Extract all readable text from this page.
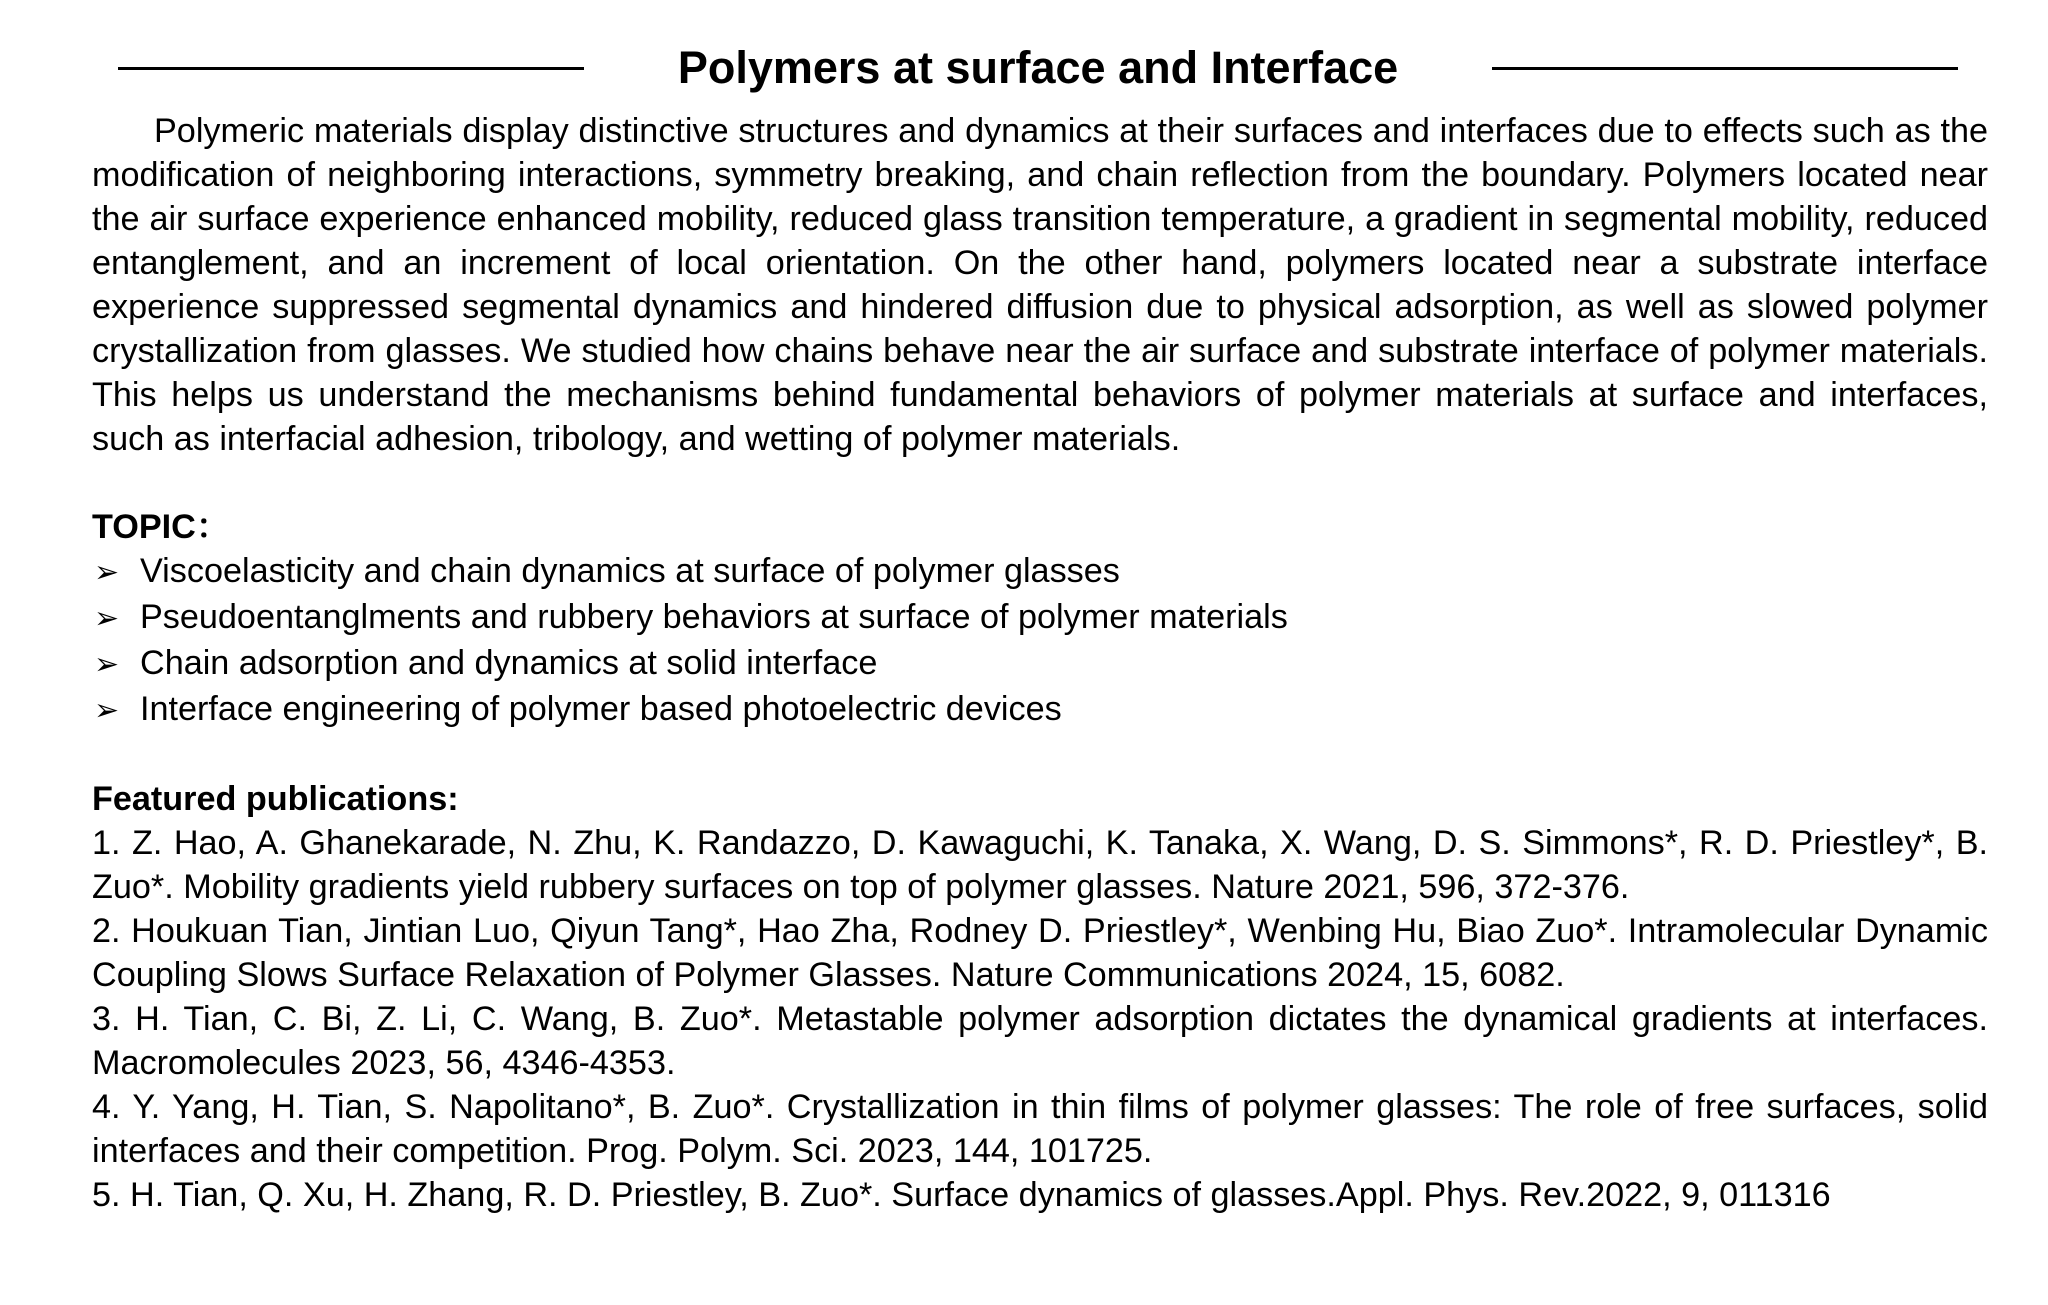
Polymers at surface and Interface

Polymeric materials display distinctive structures and dynamics at their surfaces and interfaces due to effects such as the modification of neighboring interactions, symmetry breaking, and chain reflection from the boundary. Polymers located near the air surface experience enhanced mobility, reduced glass transition temperature, a gradient in segmental mobility, reduced entanglement, and an increment of local orientation. On the other hand, polymers located near a substrate interface experience suppressed segmental dynamics and hindered diffusion due to physical adsorption, as well as slowed polymer crystallization from glasses. We studied how chains behave near the air surface and substrate interface of polymer materials. This helps us understand the mechanisms behind fundamental behaviors of polymer materials at surface and interfaces, such as interfacial adhesion, tribology, and wetting of polymer materials.

TOPIC：
➢ Viscoelasticity and chain dynamics at surface of polymer glasses
➢ Pseudoentanglments and rubbery behaviors at surface of polymer materials
➢ Chain adsorption and dynamics at solid interface
➢ Interface engineering of polymer based photoelectric devices
Featured publications:
1. Z. Hao, A. Ghanekarade, N. Zhu, K. Randazzo, D. Kawaguchi, K. Tanaka, X. Wang, D. S. Simmons*, R. D. Priestley*, B. Zuo*. Mobility gradients yield rubbery surfaces on top of polymer glasses. Nature 2021, 596, 372-376.
2. Houkuan Tian, Jintian Luo, Qiyun Tang*, Hao Zha, Rodney D. Priestley*, Wenbing Hu, Biao Zuo*. Intramolecular Dynamic Coupling Slows Surface Relaxation of Polymer Glasses. Nature Communications 2024, 15, 6082.
3. H. Tian, C. Bi, Z. Li, C. Wang, B. Zuo*. Metastable polymer adsorption dictates the dynamical gradients at interfaces. Macromolecules 2023, 56, 4346-4353.
4. Y. Yang, H. Tian, S. Napolitano*, B. Zuo*. Crystallization in thin films of polymer glasses: The role of free surfaces, solid interfaces and their competition. Prog. Polym. Sci. 2023, 144, 101725.
5. H. Tian, Q. Xu, H. Zhang, R. D. Priestley, B. Zuo*. Surface dynamics of glasses.Appl. Phys. Rev.2022, 9, 011316
